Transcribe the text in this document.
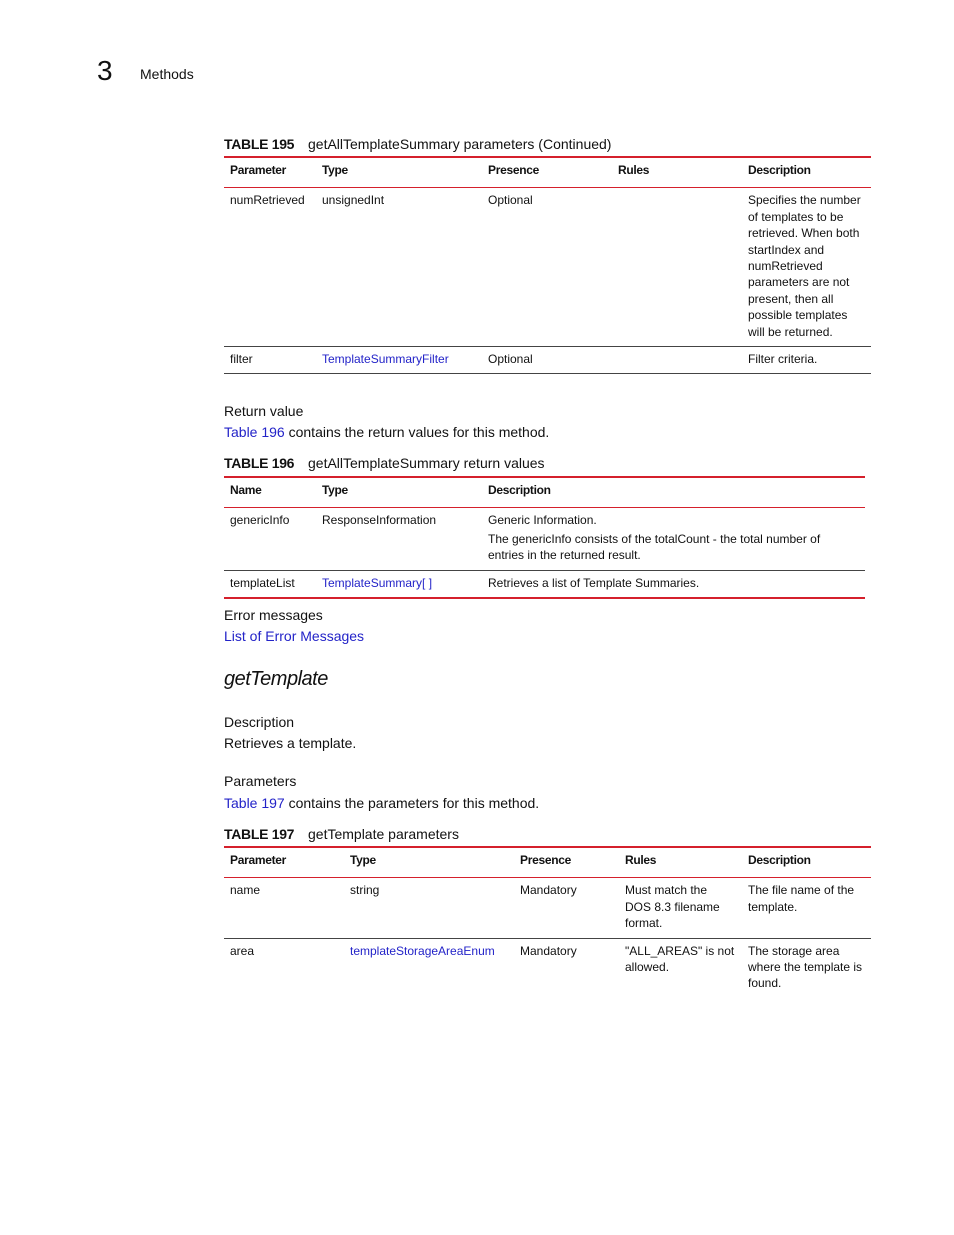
3 Methods
TABLE 195 getAllTemplateSummary parameters (Continued)
Parameter	Type	Presence	Rules	Description
numRetrieved	unsignedInt	Optional		Specifies the number of templates to be retrieved. When both startIndex and numRetrieved parameters are not present, then all possible templates will be returned.
filter	TemplateSummaryFilter	Optional		Filter criteria.
Return value
Table 196 contains the return values for this method.
TABLE 196 getAllTemplateSummary return values
Name	Type	Description
genericInfo	ResponseInformation	Generic Information.
The genericInfo consists of the totalCount - the total number of entries in the returned result.

templateList	TemplateSummary[ ]	Retrieves a list of Template Summaries.
Error messages
List of Error Messages
getTemplate
Description
Retrieves a template.
Parameters
Table 197 contains the parameters for this method.
TABLE 197 getTemplate parameters
Parameter	Type	Presence	Rules	Description
name	string	Mandatory	Must match the DOS 8.3 filename format.	The file name of the template.
area	templateStorageAreaEnum	Mandatory	"ALL_AREAS" is not allowed.	The storage area where the template is found.
